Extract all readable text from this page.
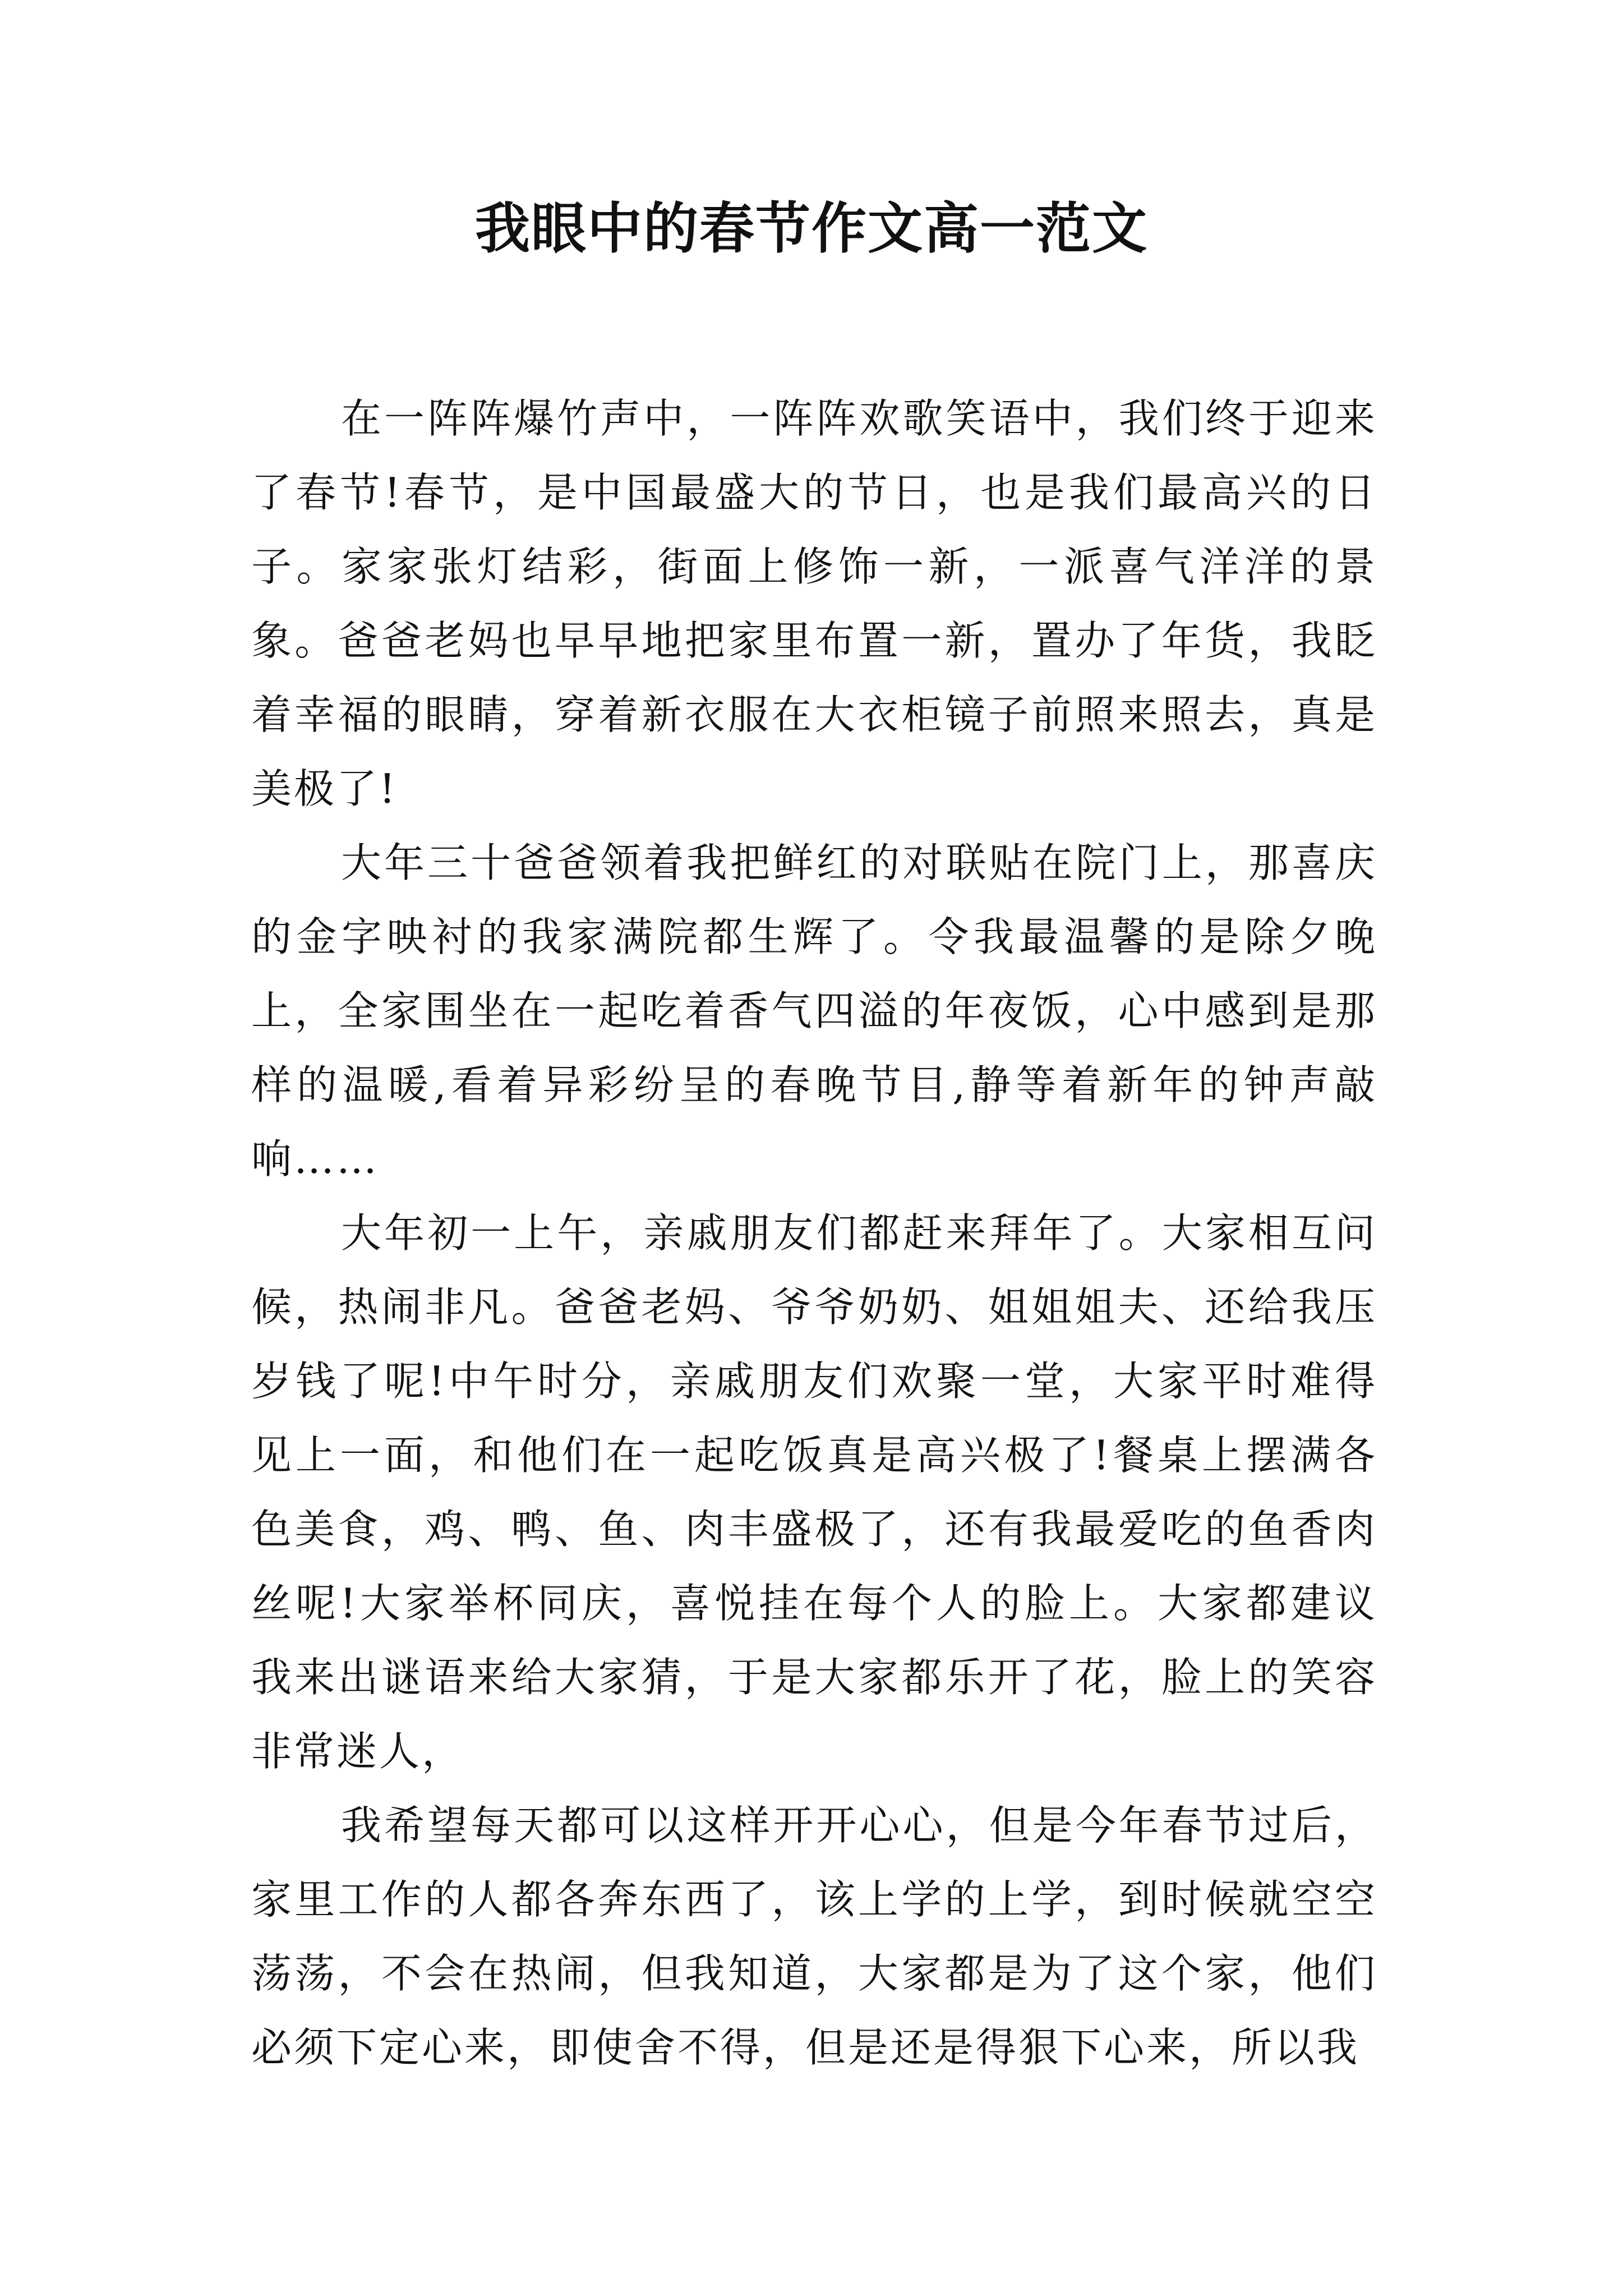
我眼中的春节作文高一范文

在一阵阵爆竹声中，一阵阵欢歌笑语中，我们终于迎来了春节!春节，是中国最盛大的节日，也是我们最高兴的日子。家家张灯结彩，街面上修饰一新，一派喜气洋洋的景象。爸爸老妈也早早地把家里布置一新，置办了年货，我眨着幸福的眼睛，穿着新衣服在大衣柜镜子前照来照去，真是美极了!

大年三十爸爸领着我把鲜红的对联贴在院门上，那喜庆的金字映衬的我家满院都生辉了。令我最温馨的是除夕晚上，全家围坐在一起吃着香气四溢的年夜饭，心中感到是那样的温暖,看着异彩纷呈的春晚节目,静等着新年的钟声敲响……

大年初一上午，亲戚朋友们都赶来拜年了。大家相互问候，热闹非凡。爸爸老妈、爷爷奶奶、姐姐姐夫、还给我压岁钱了呢!中午时分，亲戚朋友们欢聚一堂，大家平时难得见上一面，和他们在一起吃饭真是高兴极了!餐桌上摆满各色美食，鸡、鸭、鱼、肉丰盛极了，还有我最爱吃的鱼香肉丝呢!大家举杯同庆，喜悦挂在每个人的脸上。大家都建议我来出谜语来给大家猜，于是大家都乐开了花，脸上的笑容非常迷人，

我希望每天都可以这样开开心心，但是今年春节过后，家里工作的人都各奔东西了，该上学的上学，到时候就空空荡荡，不会在热闹，但我知道，大家都是为了这个家，他们必须下定心来，即使舍不得，但是还是得狠下心来，所以我
